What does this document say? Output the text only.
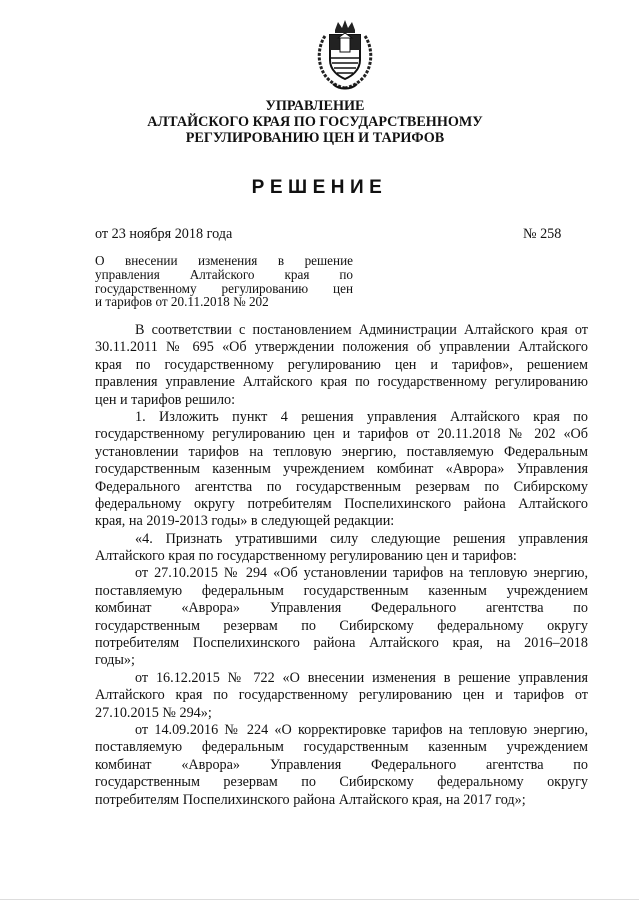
УПРАВЛЕНИЕ
АЛТАЙСКОГО КРАЯ ПО ГОСУДАРСТВЕННОМУ
РЕГУЛИРОВАНИЮ ЦЕН И ТАРИФОВ
РЕШЕНИЕ
от 23 ноября 2018 года	№ 258
О внесении изменения в решение
управления Алтайского края по
государственному регулированию цен
и тарифов от 20.11.2018 № 202
В соответствии с постановлением Администрации Алтайского края от
30.11.2011 № 695 «Об утверждении положения об управлении Алтайского
края по государственному регулированию цен и тарифов», решением
правления управление Алтайского края по государственному регулированию
цен и тарифов решило:
1. Изложить пункт 4 решения управления Алтайского края по
государственному регулированию цен и тарифов от 20.11.2018 № 202 «Об
установлении тарифов на тепловую энергию, поставляемую Федеральным
государственным казенным учреждением комбинат «Аврора» Управления
Федерального агентства по государственным резервам по Сибирскому
федеральному округу потребителям Поспелихинского района Алтайского
края, на 2019-2013 годы» в следующей редакции:
«4. Признать утратившими силу следующие решения управления
Алтайского края по государственному регулированию цен и тарифов:
от 27.10.2015 № 294 «Об установлении тарифов на тепловую энергию,
поставляемую федеральным государственным казенным учреждением
комбинат «Аврора» Управления Федерального агентства по
государственным резервам по Сибирскому федеральному округу
потребителям Поспелихинского района Алтайского края, на 2016–2018
годы»;
от 16.12.2015 № 722 «О внесении изменения в решение управления
Алтайского края по государственному регулированию цен и тарифов от
27.10.2015 № 294»;
от 14.09.2016 № 224 «О корректировке тарифов на тепловую энергию,
поставляемую федеральным государственным казенным учреждением
комбинат «Аврора» Управления Федерального агентства по
государственным резервам по Сибирскому федеральному округу
потребителям Поспелихинского района Алтайского края, на 2017 год»;
